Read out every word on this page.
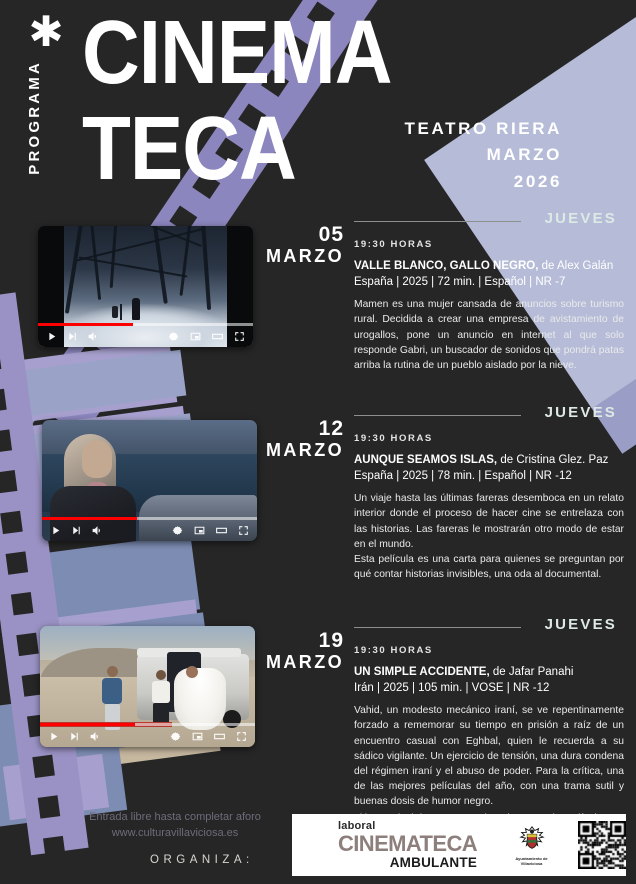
✱
PROGRAMA
CINEMA
TECA	TEATRO RIERA
MARZO
2026
05
MARZO
JUEVES
19:30 HORAS
VALLE BLANCO, GALLO NEGRO, de Alex Galán
España | 2025 | 72 min. | Español | NR -7
Mamen es una mujer cansada de anuncios sobre turismo rural. Decidida a crear una empresa de avistamiento de urogallos, pone un anuncio en internet al que solo responde Gabri, un buscador de sonidos que pondrá patas arriba la rutina de un pueblo aislado por la nieve.
12
MARZO
JUEVES
19:30 HORAS
AUNQUE SEAMOS ISLAS, de Cristina Glez. Paz
España | 2025 | 78 min. | Español | NR -12
Un viaje hasta las últimas fareras desemboca en un relato interior donde el proceso de hacer cine se entrelaza con las historias. Las fareras le mostrarán otro modo de estar en el mundo.
Esta película es una carta para quienes se preguntan por qué contar historias invisibles, una oda al documental.
19
MARZO
JUEVES
19:30 HORAS
UN SIMPLE ACCIDENTE, de Jafar Panahi
Irán | 2025 | 105 min. | VOSE | NR -12
Vahid, un modesto mecánico iraní, se ve repentinamente forzado a rememorar su tiempo en prisión a raíz de un encuentro casual con Eghbal, quien le recuerda a su sádico vigilante. Un ejercicio de tensión, una dura condena del régimen iraní y el abuso de poder. Para la crítica, una de las mejores películas del año, con una trama sutil y buenas dosis de humor negro.
Entrada libre hasta completar aforo
www.culturavillaviciosa.es
ORGANIZA:
laboral
CINEMATECA
AMBULANTE	Ayuntamiento de
Villaviciosa
